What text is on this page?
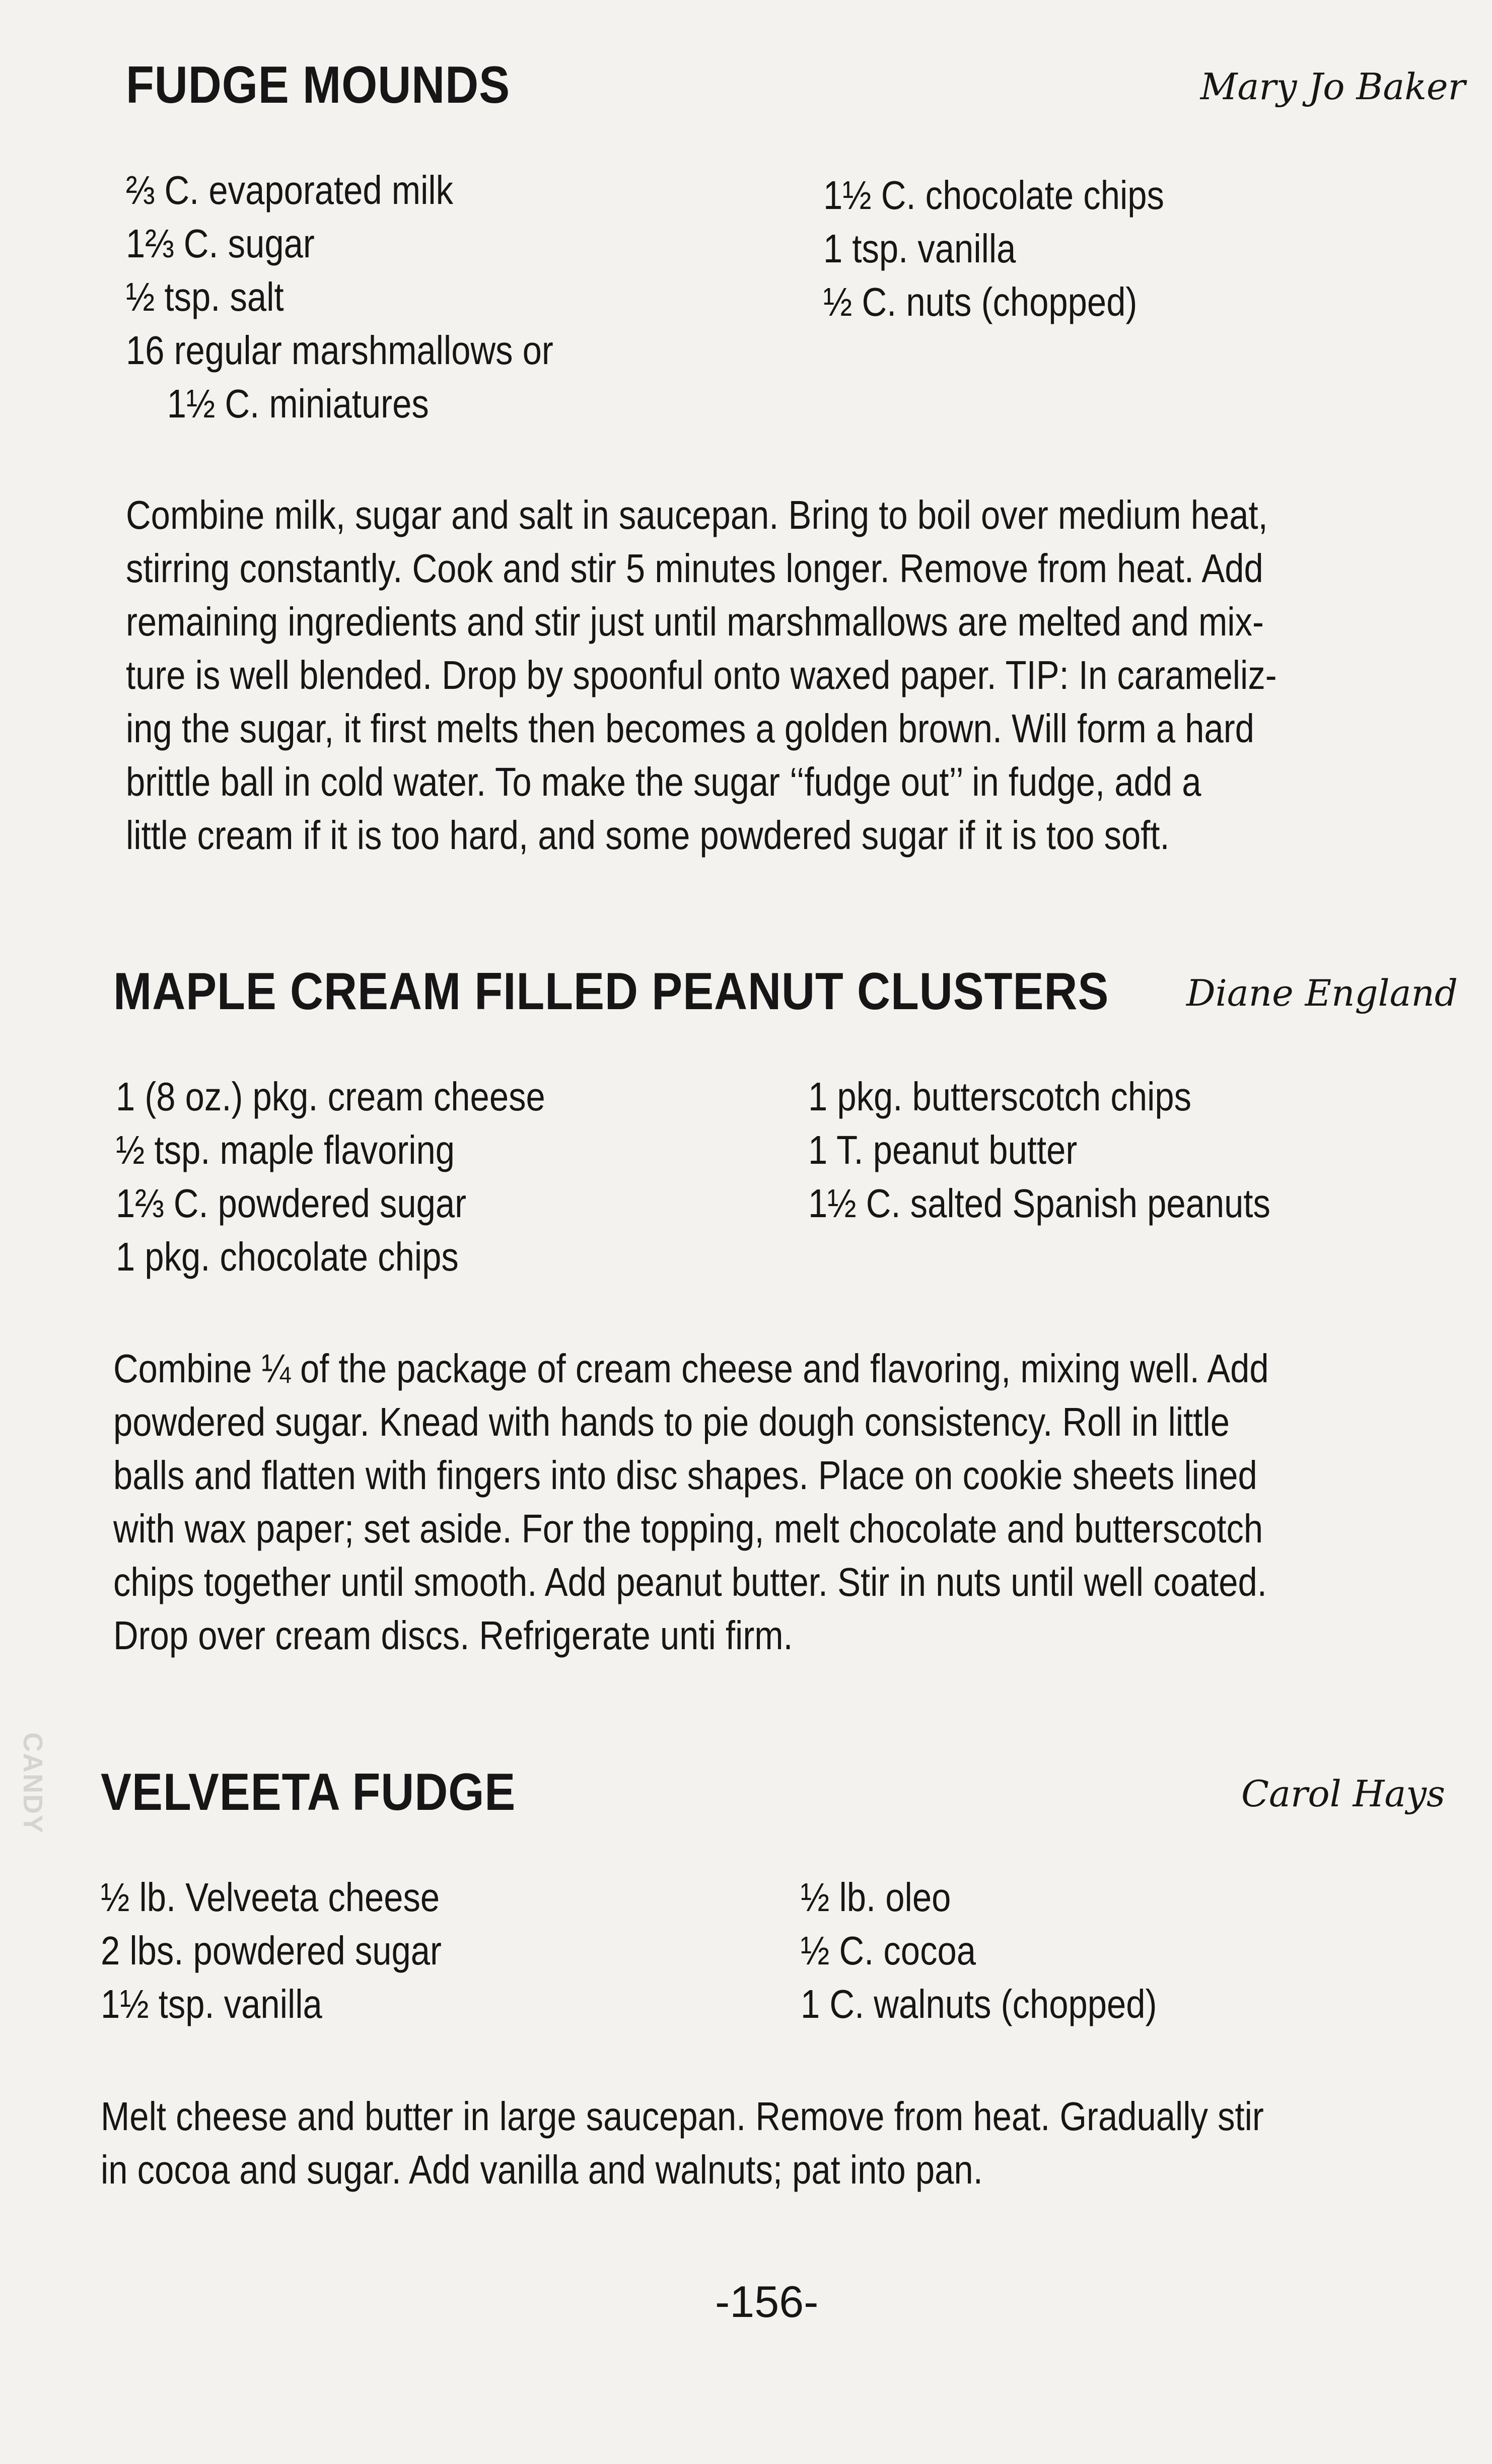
FUDGE MOUNDS	Mary Jo Baker
⅔ C. evaporated milk
1⅔ C. sugar
½ tsp. salt
16 regular marshmallows or
1½ C. miniatures
1½ C. chocolate chips
1 tsp. vanilla
½ C. nuts (chopped)
Combine milk, sugar and salt in saucepan. Bring to boil over medium heat,
stirring constantly. Cook and stir 5 minutes longer. Remove from heat. Add
remaining ingredients and stir just until marshmallows are melted and mix-
ture is well blended. Drop by spoonful onto waxed paper. TIP: In carameliz-
ing the sugar, it first melts then becomes a golden brown. Will form a hard
brittle ball in cold water. To make the sugar ‘‘fudge out’’ in fudge, add a
little cream if it is too hard, and some powdered sugar if it is too soft.
MAPLE CREAM FILLED PEANUT CLUSTERS Diane England
1 (8 oz.) pkg. cream cheese
½ tsp. maple flavoring
1⅔ C. powdered sugar
1 pkg. chocolate chips
1 pkg. butterscotch chips
1 T. peanut butter
1½ C. salted Spanish peanuts
Combine ¼ of the package of cream cheese and flavoring, mixing well. Add
powdered sugar. Knead with hands to pie dough consistency. Roll in little
balls and flatten with fingers into disc shapes. Place on cookie sheets lined
with wax paper; set aside. For the topping, melt chocolate and butterscotch
chips together until smooth. Add peanut butter. Stir in nuts until well coated.
Drop over cream discs. Refrigerate unti firm.
VELVEETA FUDGE	Carol Hays
½ lb. Velveeta cheese
2 lbs. powdered sugar
1½ tsp. vanilla
½ lb. oleo
½ C. cocoa
1 C. walnuts (chopped)
Melt cheese and butter in large saucepan. Remove from heat. Gradually stir
in cocoa and sugar. Add vanilla and walnuts; pat into pan.
-156-
CANDY
